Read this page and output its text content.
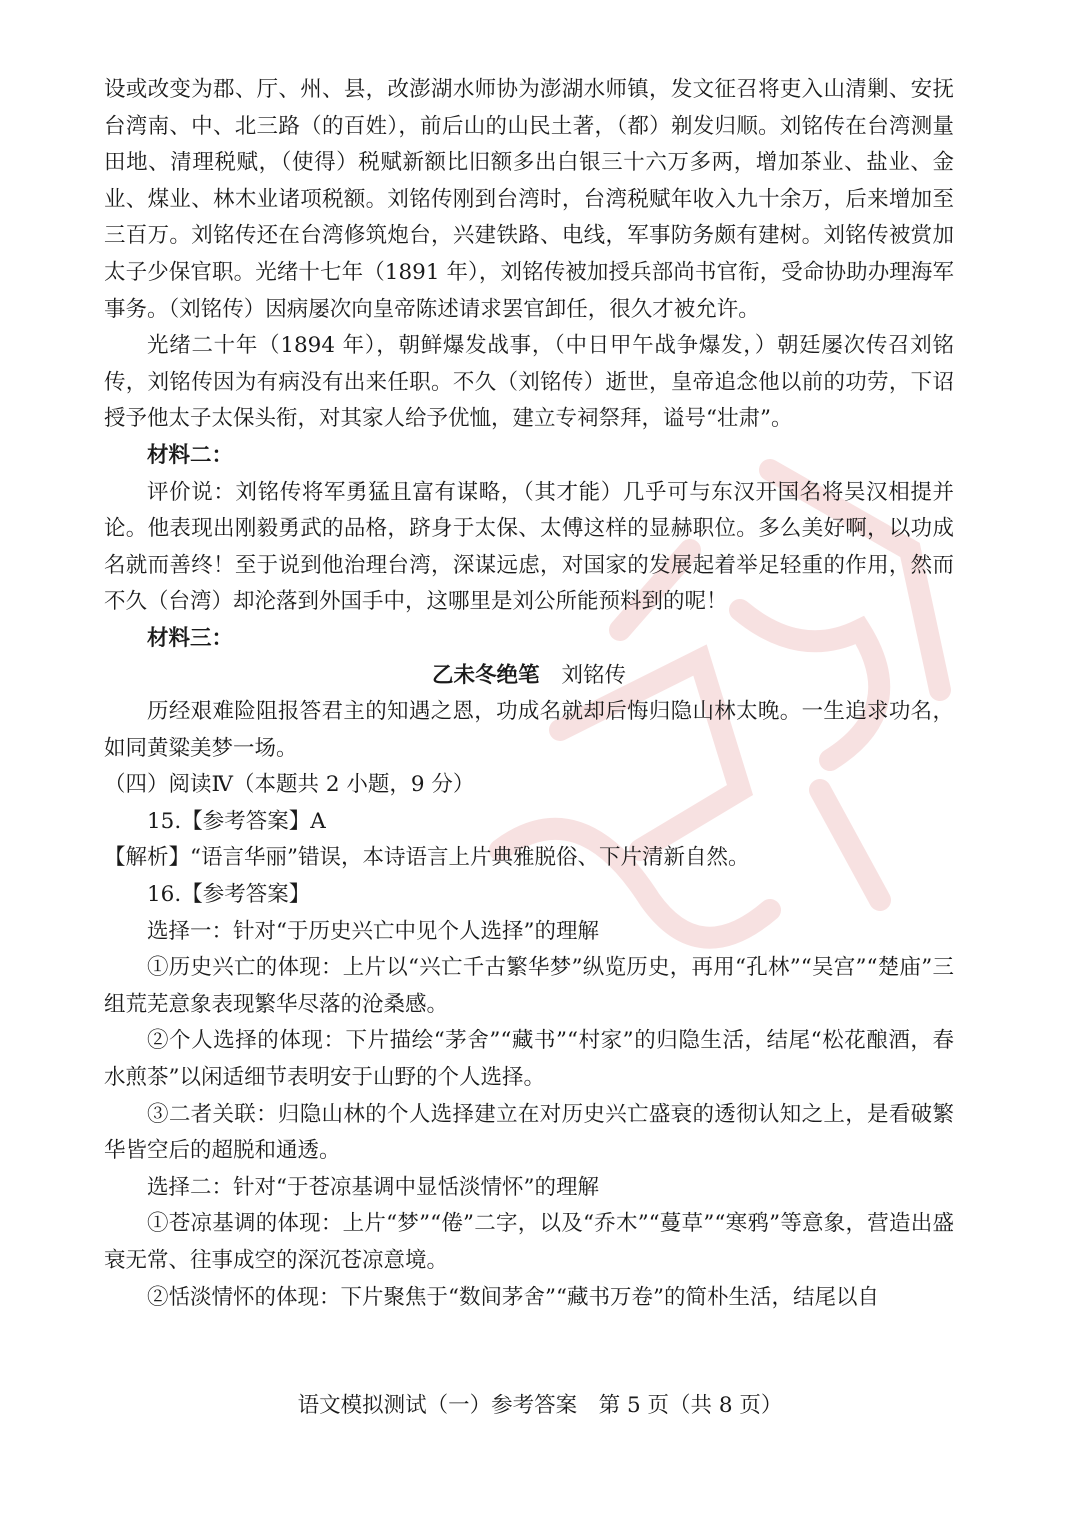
设或改变为郡、厅、州、县，改澎湖水师协为澎湖水师镇，发文征召将吏入山清剿、安抚台湾南、中、北三路（的百姓），前后山的山民土著，（都）剃发归顺。刘铭传在台湾测量田地、清理税赋，（使得）税赋新额比旧额多出白银三十六万多两，增加茶业、盐业、金业、煤业、林木业诸项税额。刘铭传刚到台湾时，台湾税赋年收入九十余万，后来增加至三百万。刘铭传还在台湾修筑炮台，兴建铁路、电线，军事防务颇有建树。刘铭传被赏加太子少保官职。光绪十七年（1891 年），刘铭传被加授兵部尚书官衔，受命协助办理海军事务。（刘铭传）因病屡次向皇帝陈述请求罢官卸任，很久才被允许。

光绪二十年（1894 年），朝鲜爆发战事，（中日甲午战争爆发，）朝廷屡次传召刘铭传，刘铭传因为有病没有出来任职。不久（刘铭传）逝世，皇帝追念他以前的功劳，下诏授予他太子太保头衔，对其家人给予优恤，建立专祠祭拜，谥号“壮肃”。

材料二：

评价说：刘铭传将军勇猛且富有谋略，（其才能）几乎可与东汉开国名将吴汉相提并论。他表现出刚毅勇武的品格，跻身于太保、太傅这样的显赫职位。多么美好啊，以功成名就而善终！至于说到他治理台湾，深谋远虑，对国家的发展起着举足轻重的作用，然而不久（台湾）却沦落到外国手中，这哪里是刘公所能预料到的呢！

材料三：

乙未冬绝笔 刘铭传

历经艰难险阻报答君主的知遇之恩，功成名就却后悔归隐山林太晚。一生追求功名，如同黄粱美梦一场。

（四）阅读Ⅳ（本题共 2 小题，9 分）

15.【参考答案】A

【解析】“语言华丽”错误，本诗语言上片典雅脱俗、下片清新自然。

16.【参考答案】

选择一：针对“于历史兴亡中见个人选择”的理解

①历史兴亡的体现：上片以“兴亡千古繁华梦”纵览历史，再用“孔林”“吴宫”“楚庙”三组荒芜意象表现繁华尽落的沧桑感。

②个人选择的体现：下片描绘“茅舍”“藏书”“村家”的归隐生活，结尾“松花酿酒，春水煎茶”以闲适细节表明安于山野的个人选择。

③二者关联：归隐山林的个人选择建立在对历史兴亡盛衰的透彻认知之上，是看破繁华皆空后的超脱和通透。

选择二：针对“于苍凉基调中显恬淡情怀”的理解

①苍凉基调的体现：上片“梦”“倦”二字，以及“乔木”“蔓草”“寒鸦”等意象，营造出盛衰无常、往事成空的深沉苍凉意境。

②恬淡情怀的体现：下片聚焦于“数间茅舍”“藏书万卷”的简朴生活，结尾以自

语文模拟测试（一）参考答案　第 5 页（共 8 页）
